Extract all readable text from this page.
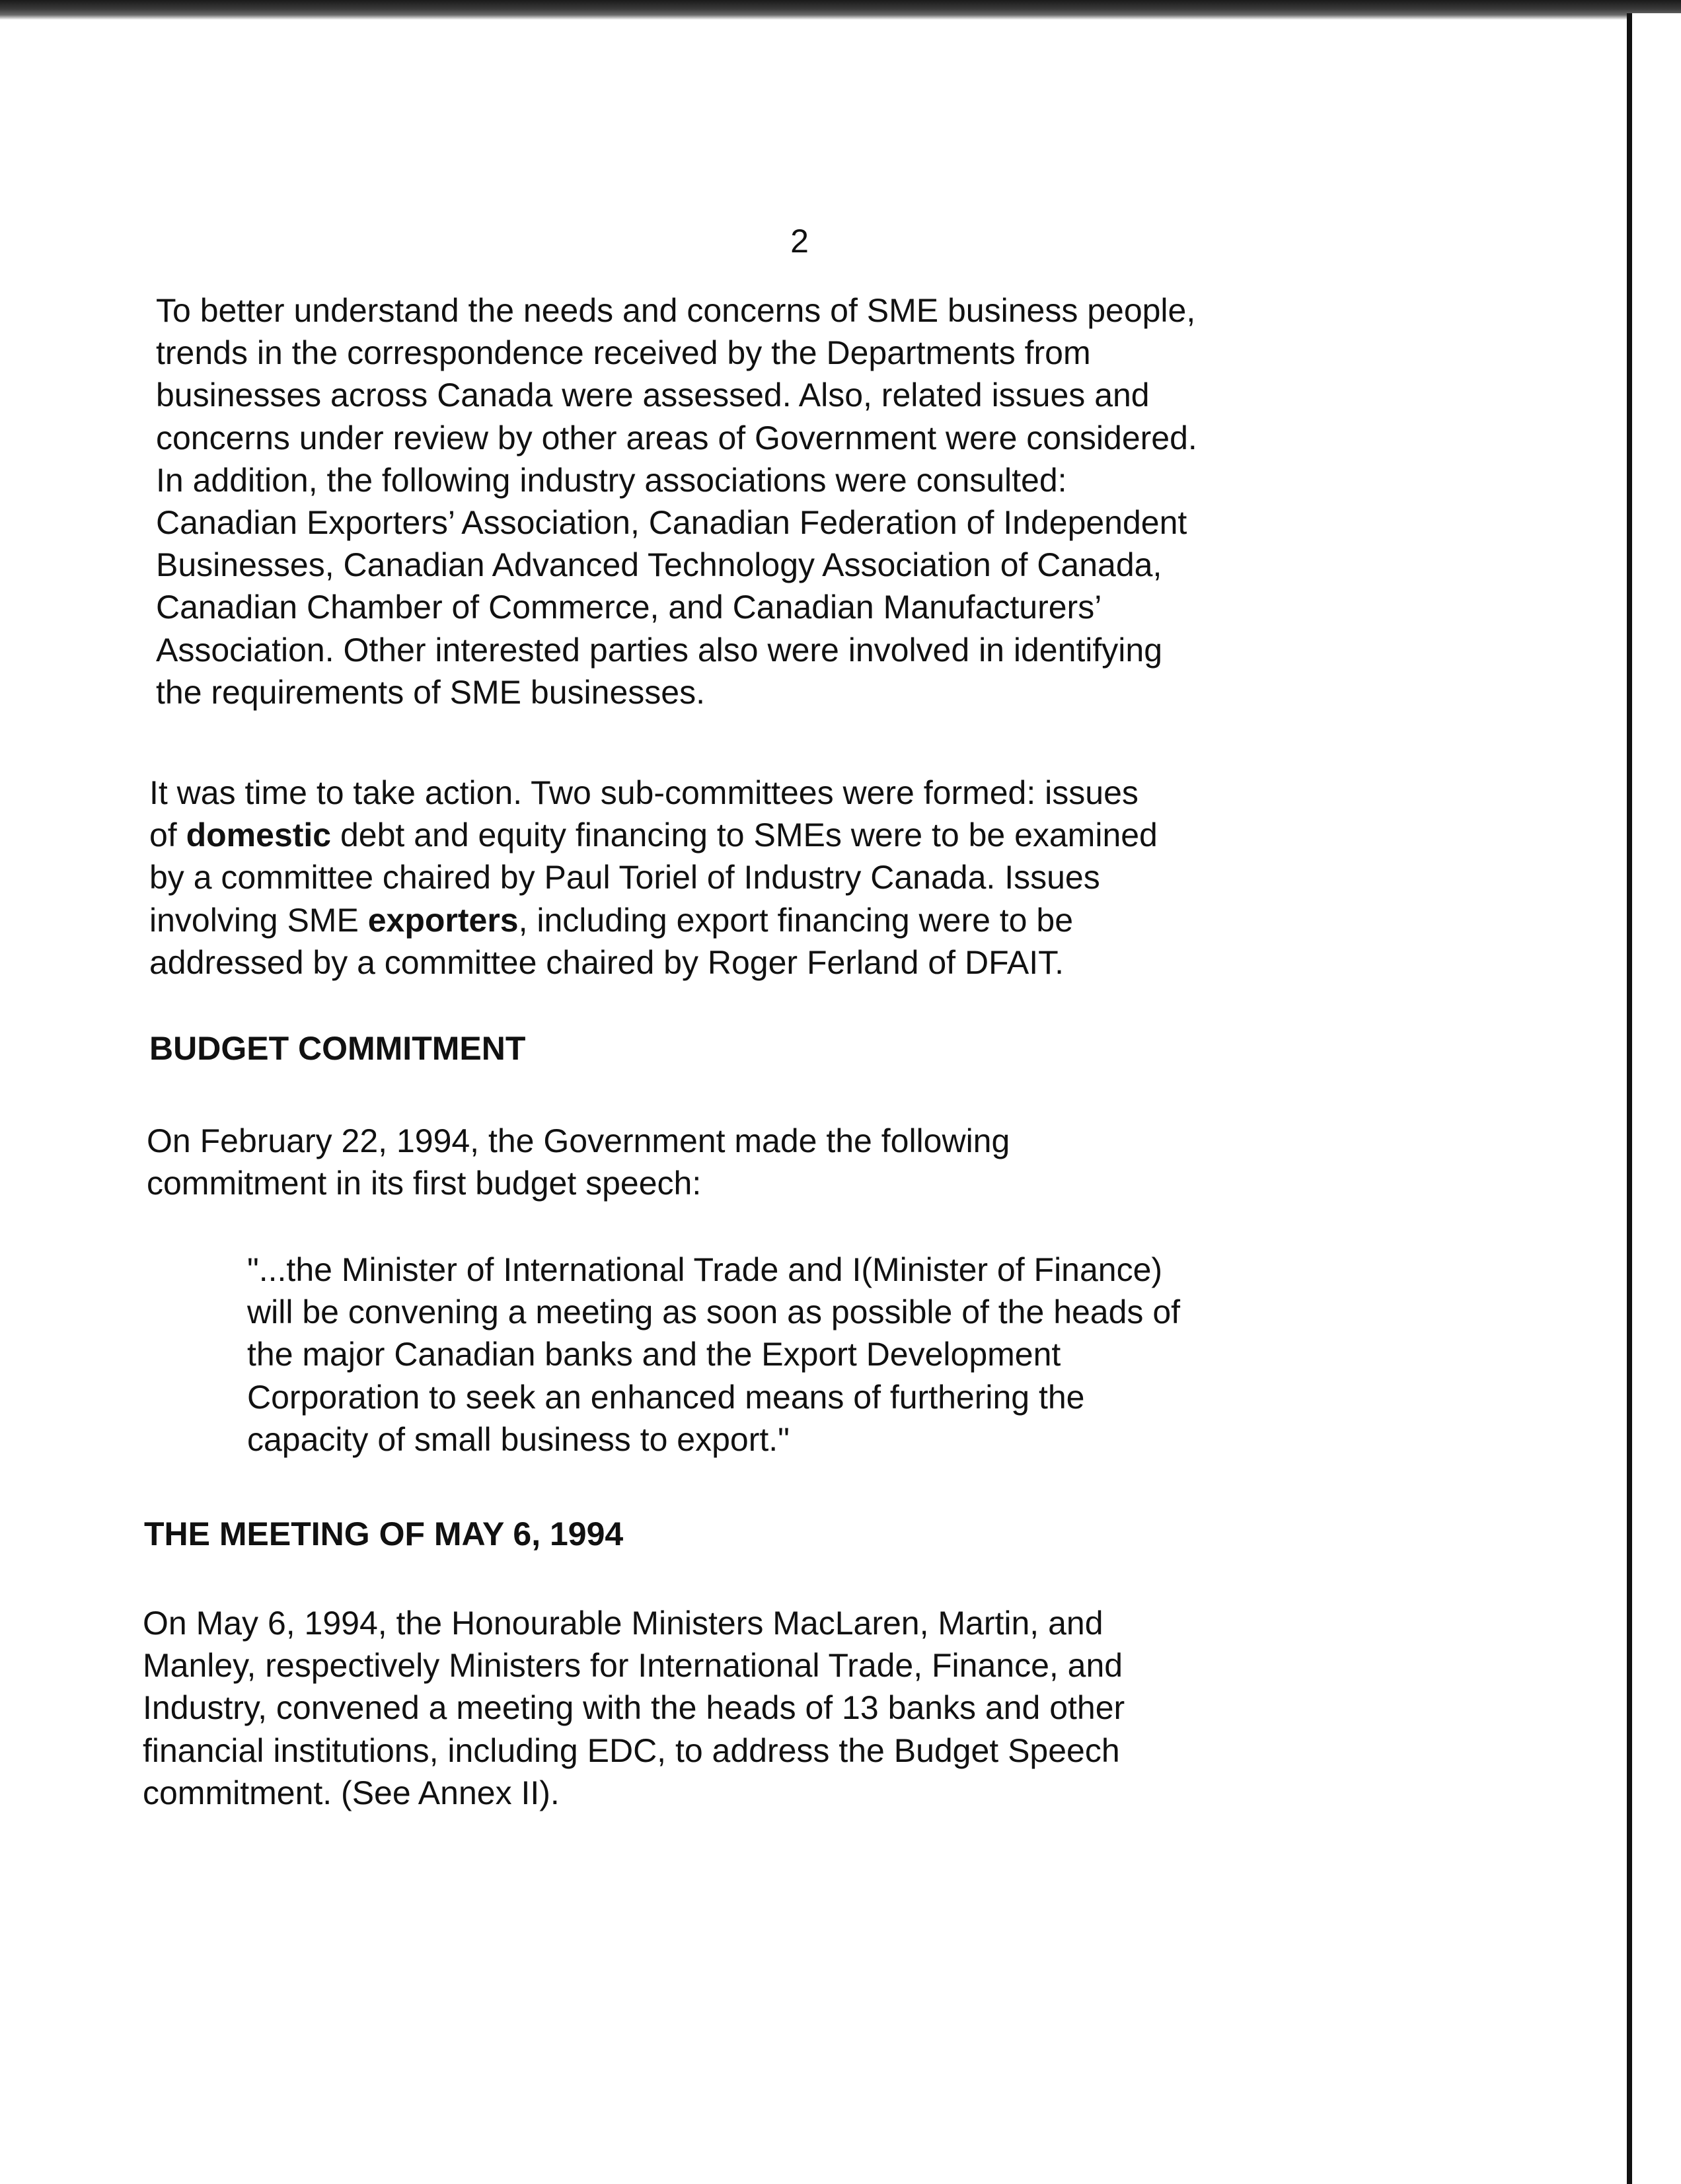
2

To better understand the needs and concerns of SME business people,
trends in the correspondence received by the Departments from
businesses across Canada were assessed. Also, related issues and
concerns under review by other areas of Government were considered.
In addition, the following industry associations were consulted:
Canadian Exporters’ Association, Canadian Federation of Independent
Businesses, Canadian Advanced Technology Association of Canada,
Canadian Chamber of Commerce, and Canadian Manufacturers’
Association. Other interested parties also were involved in identifying
the requirements of SME businesses.

It was time to take action. Two sub-committees were formed: issues
of domestic debt and equity financing to SMEs were to be examined
by a committee chaired by Paul Toriel of Industry Canada. Issues
involving SME exporters, including export financing were to be
addressed by a committee chaired by Roger Ferland of DFAIT.

BUDGET COMMITMENT

On February 22, 1994, the Government made the following
commitment in its first budget speech:

"...the Minister of International Trade and I(Minister of Finance)
will be convening a meeting as soon as possible of the heads of
the major Canadian banks and the Export Development
Corporation to seek an enhanced means of furthering the
capacity of small business to export."

THE MEETING OF MAY 6, 1994

On May 6, 1994, the Honourable Ministers MacLaren, Martin, and
Manley, respectively Ministers for International Trade, Finance, and
Industry, convened a meeting with the heads of 13 banks and other
financial institutions, including EDC, to address the Budget Speech
commitment. (See Annex II).
